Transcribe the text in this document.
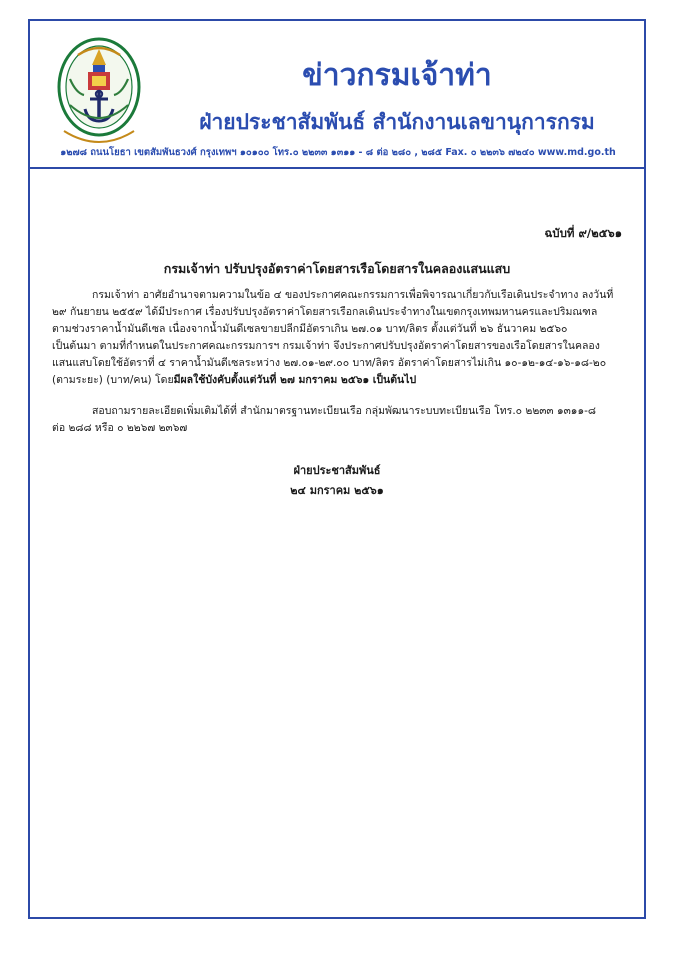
ข่าวกรมเจ้าท่า
ฝ่ายประชาสัมพันธ์ สำนักงานเลขานุการกรม
๑๒๗๘ ถนนโยธา เขตสัมพันธวงศ์ กรุงเทพฯ ๑๐๑๐๐ โทร.๐ ๒๒๓๓ ๑๓๑๑ - ๘ ต่อ ๒๘๐ , ๒๘๕ Fax. ๐ ๒๒๓๖ ๗๒๔๐ www.md.go.th
ฉบับที่ ๙/๒๕๖๑
กรมเจ้าท่า ปรับปรุงอัตราค่าโดยสารเรือโดยสารในคลองแสนแสบ
กรมเจ้าท่า อาศัยอำนาจตามความในข้อ ๔ ของประกาศคณะกรรมการเพื่อพิจารณาเกี่ยวกับเรือเดินประจำทาง ลงวันที่
๒๙ กันยายน ๒๕๕๙ ได้มีประกาศ เรื่องปรับปรุงอัตราค่าโดยสารเรือกลเดินประจำทางในเขตกรุงเทพมหานครและปริมณฑล
ตามช่วงราคาน้ำมันดีเซล เนื่องจากน้ำมันดีเซลขายปลีกมีอัตราเกิน ๒๗.๐๑ บาท/ลิตร ตั้งแต่วันที่ ๒๖ ธันวาคม ๒๕๖๐
เป็นต้นมา ตามที่กำหนดในประกาศคณะกรรมการฯ กรมเจ้าท่า จึงประกาศปรับปรุงอัตราค่าโดยสารของเรือโดยสารในคลอง
แสนแสบโดยใช้อัตราที่ ๔ ราคาน้ำมันดีเซลระหว่าง ๒๗.๐๑-๒๙.๐๐ บาท/ลิตร อัตราค่าโดยสารไม่เกิน ๑๐-๑๒-๑๔-๑๖-๑๘-๒๐
(ตามระยะ) (บาท/คน) โดยมีผลใช้บังคับตั้งแต่วันที่ ๒๗ มกราคม ๒๕๖๑ เป็นต้นไป
สอบถามรายละเอียดเพิ่มเติมได้ที่ สำนักมาตรฐานทะเบียนเรือ กลุ่มพัฒนาระบบทะเบียนเรือ โทร.๐ ๒๒๓๓ ๑๓๑๑-๘
ต่อ ๒๘๘ หรือ ๐ ๒๒๖๗ ๒๓๖๗
ฝ่ายประชาสัมพันธ์
๒๔ มกราคม ๒๕๖๑
